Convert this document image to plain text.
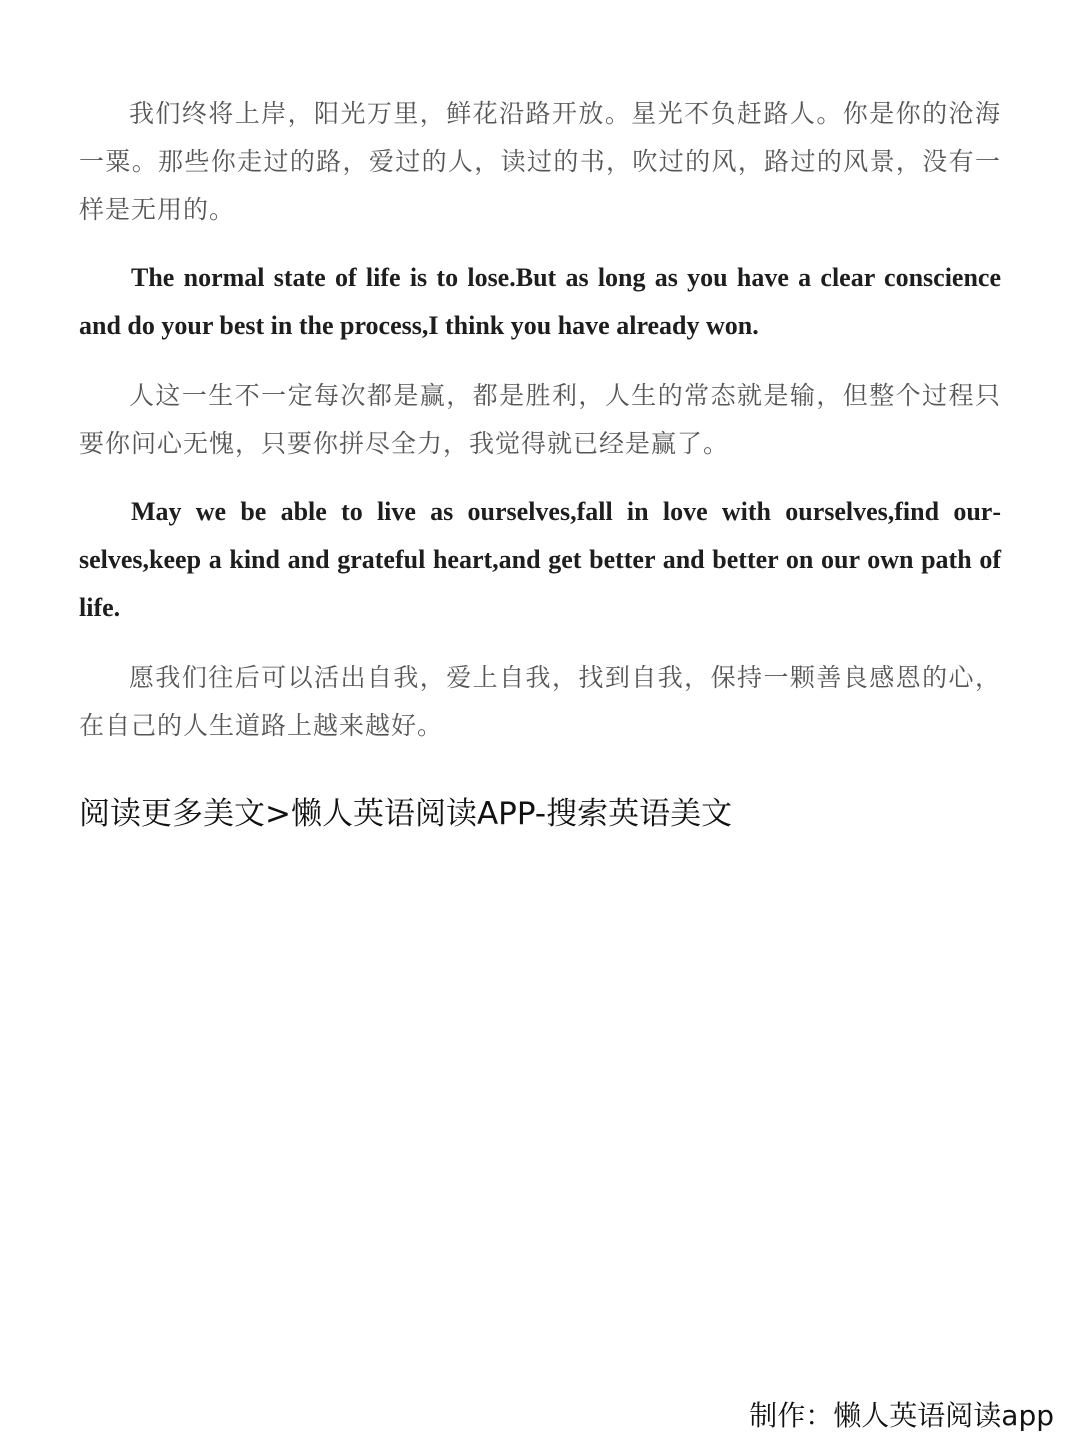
我们终将上岸，阳光万里，鲜花沿路开放。星光不负赶路人。你是你的沧海一粟。那些你走过的路，爱过的人，读过的书，吹过的风，路过的风景，没有一样是无用的。

The normal state of life is to lose.But as long as you have a clear conscience and do your best in the process,I think you have already won.

人这一生不一定每次都是赢，都是胜利，人生的常态就是输，但整个过程只要你问心无愧，只要你拼尽全力，我觉得就已经是赢了。

May we be able to live as ourselves,fall in love with ourselves,find ourselves,keep a kind and grateful heart,and get better and better on our own path of life.

愿我们往后可以活出自我，爱上自我，找到自我，保持一颗善良感恩的心，在自己的人生道路上越来越好。

阅读更多美文>懒人英语阅读APP-搜索英语美文

制作：懒人英语阅读app
